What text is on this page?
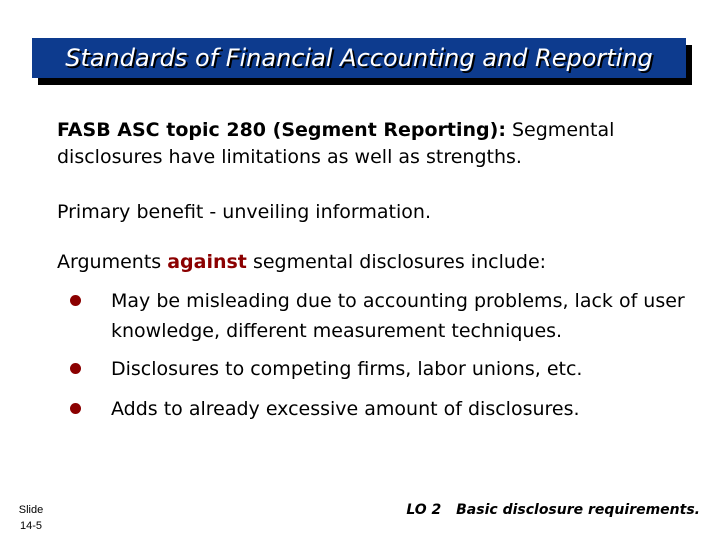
Standards of Financial Accounting and Reporting
FASB ASC topic 280 (Segment Reporting): Segmental disclosures have limitations as well as strengths.
Primary benefit - unveiling information.
Arguments against segmental disclosures include:
May be misleading due to accounting problems, lack of user knowledge, different measurement techniques.
Disclosures to competing firms, labor unions, etc.
Adds to already excessive amount of disclosures.
Slide
14-5
LO 2 Basic disclosure requirements.
